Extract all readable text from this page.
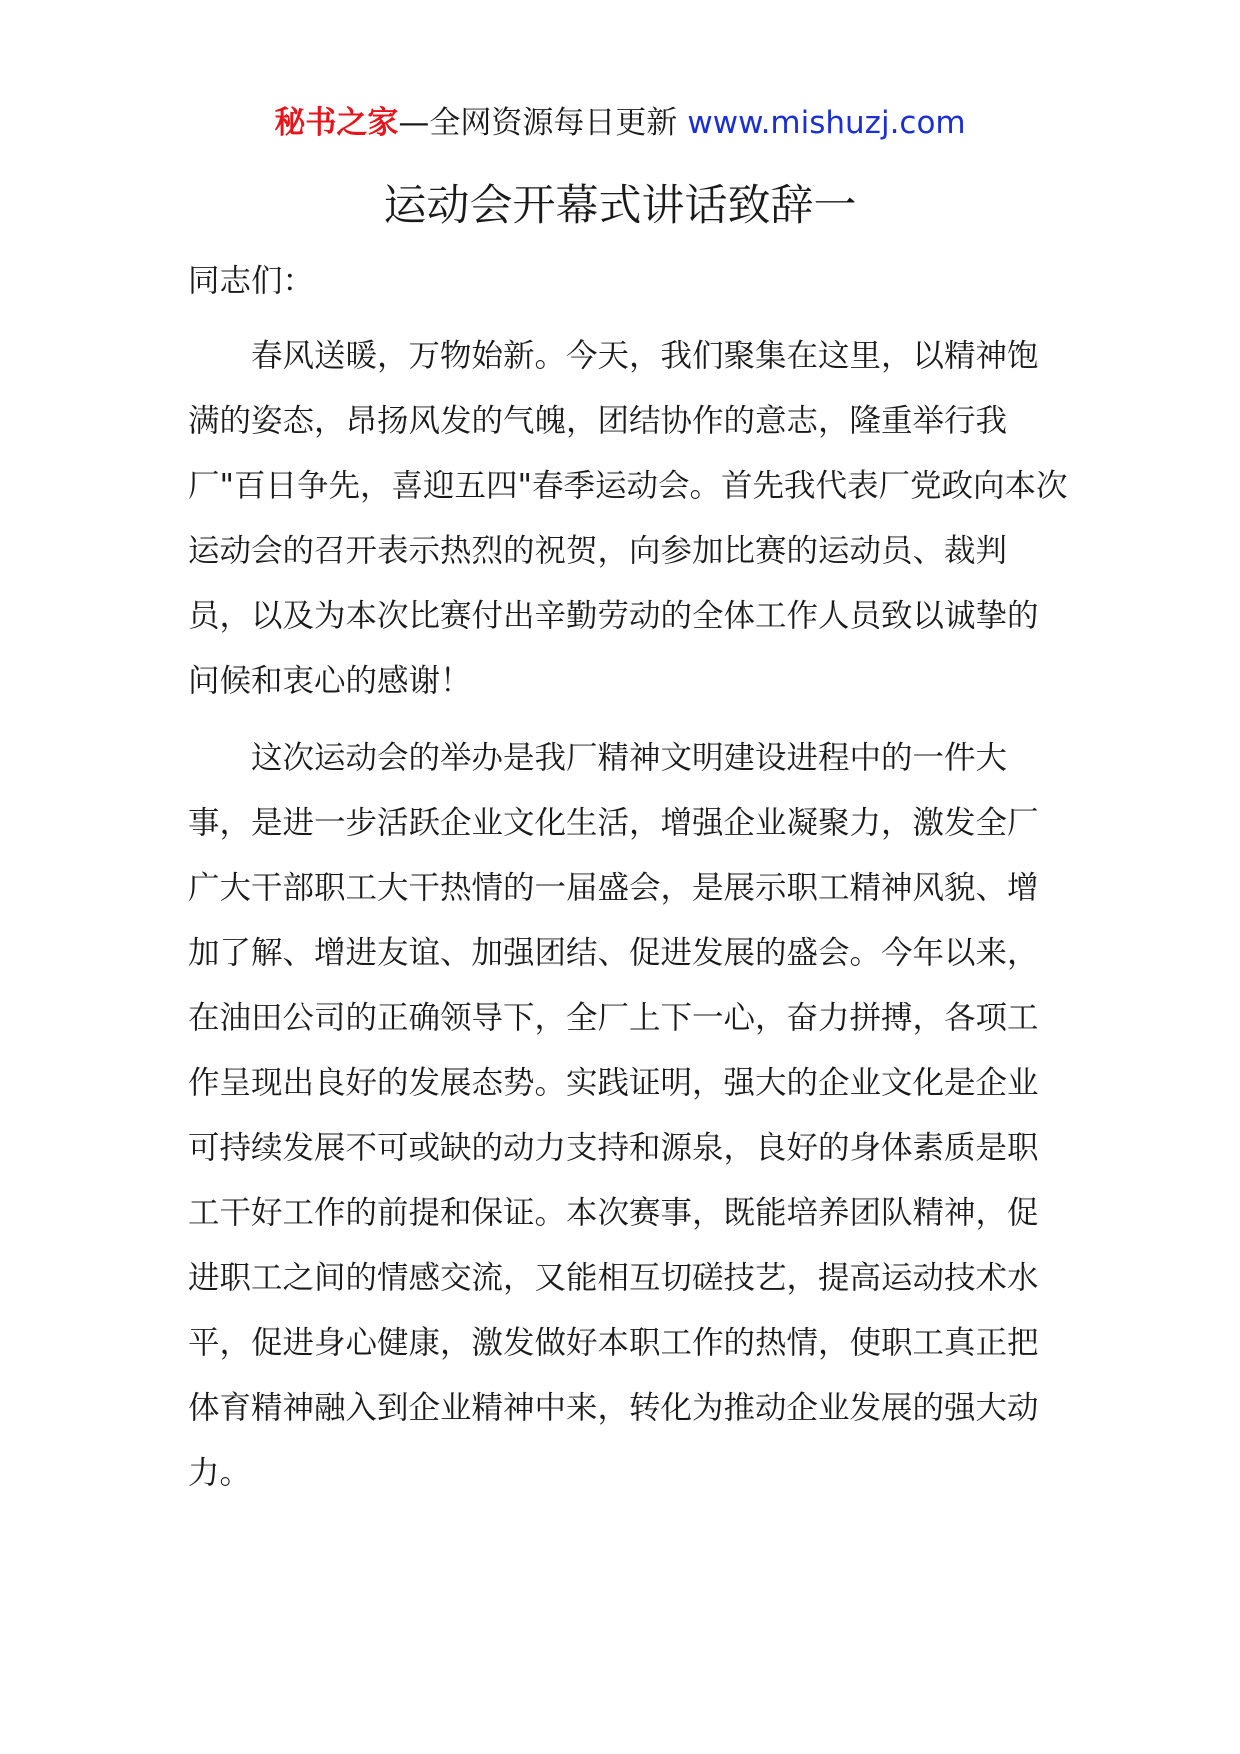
秘书之家—全网资源每日更新 www.mishuzj.com
运动会开幕式讲话致辞一

同志们：

春风送暖，万物始新。今天，我们聚集在这里，以精神饱满的姿态，昂扬风发的气魄，团结协作的意志，隆重举行我厂"百日争先，喜迎五四"春季运动会。首先我代表厂党政向本次运动会的召开表示热烈的祝贺，向参加比赛的运动员、裁判员，以及为本次比赛付出辛勤劳动的全体工作人员致以诚挚的问候和衷心的感谢！

这次运动会的举办是我厂精神文明建设进程中的一件大事，是进一步活跃企业文化生活，增强企业凝聚力，激发全厂广大干部职工大干热情的一届盛会，是展示职工精神风貌、增加了解、增进友谊、加强团结、促进发展的盛会。今年以来，在油田公司的正确领导下，全厂上下一心，奋力拼搏，各项工作呈现出良好的发展态势。实践证明，强大的企业文化是企业可持续发展不可或缺的动力支持和源泉，良好的身体素质是职工干好工作的前提和保证。本次赛事，既能培养团队精神，促进职工之间的情感交流，又能相互切磋技艺，提高运动技术水平，促进身心健康，激发做好本职工作的热情，使职工真正把体育精神融入到企业精神中来，转化为推动企业发展的强大动力。
